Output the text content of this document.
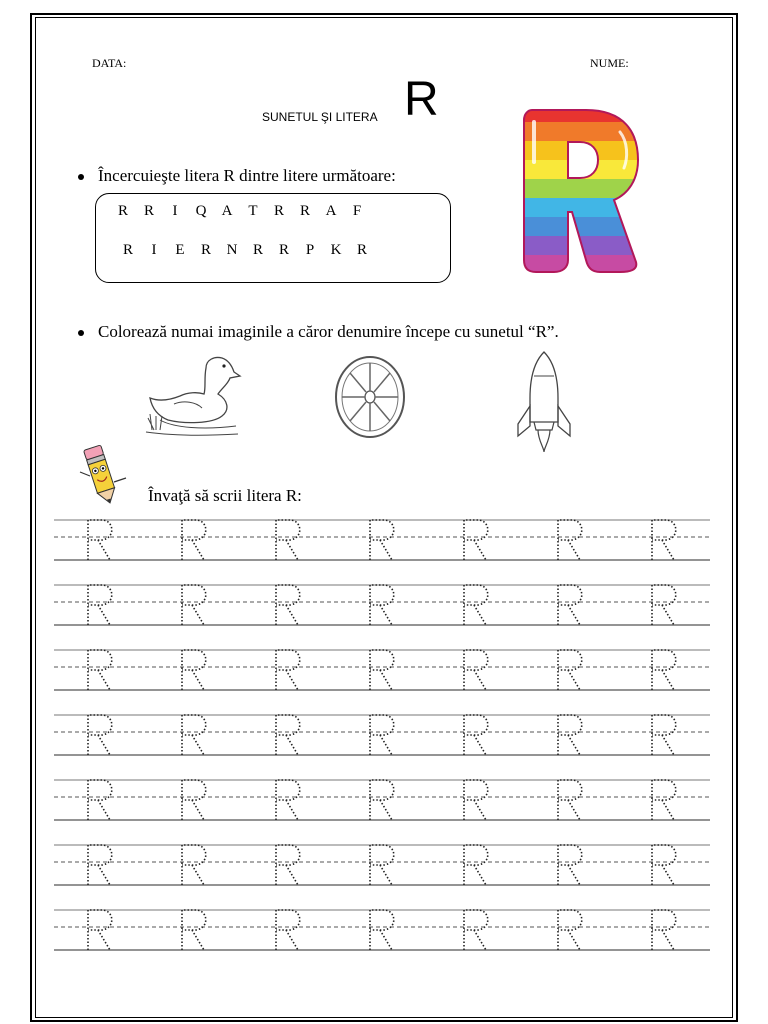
DATA:	NUME:
SUNETUL ŞI LITERA R
Încercuieşte litera R dintre litere următoare:
R	R	I	Q	A	T	R	R	A	F
R	I	E	R	N	R	R	P	K	R
Colorează numai imaginile a căror denumire începe cu sunetul “R”.
Învaţă să scrii litera R:
